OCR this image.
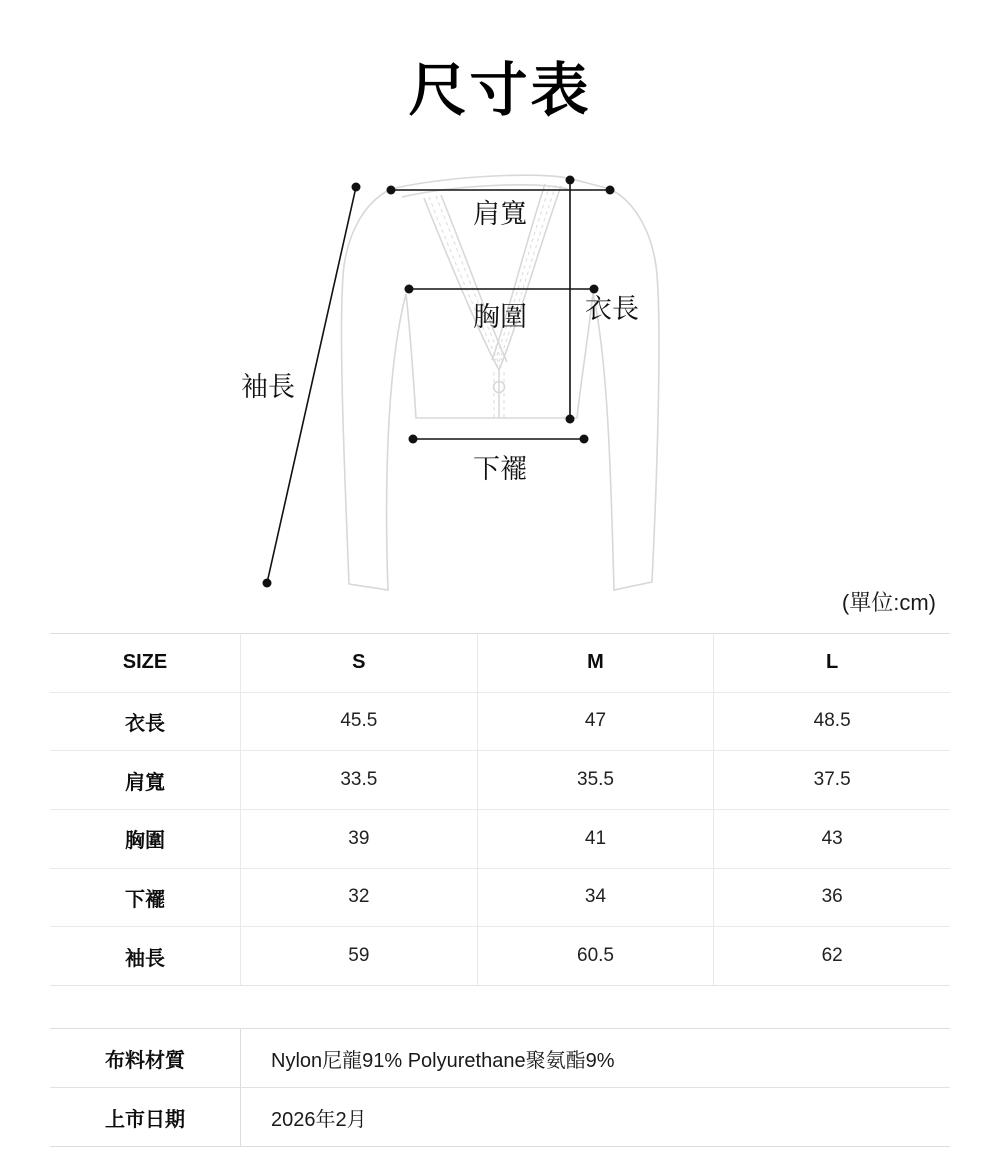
尺寸表
肩寬
胸圍 衣長
下襬
袖長
(單位:cm)
SIZE	S	M	L
衣長	45.5	47	48.5
肩寬	33.5	35.5	37.5
胸圍	39	41	43
下襬	32	34	36
袖長	59	60.5	62
布料材質	Nylon尼龍91% Polyurethane聚氨酯9%
上市日期	2026年2月
